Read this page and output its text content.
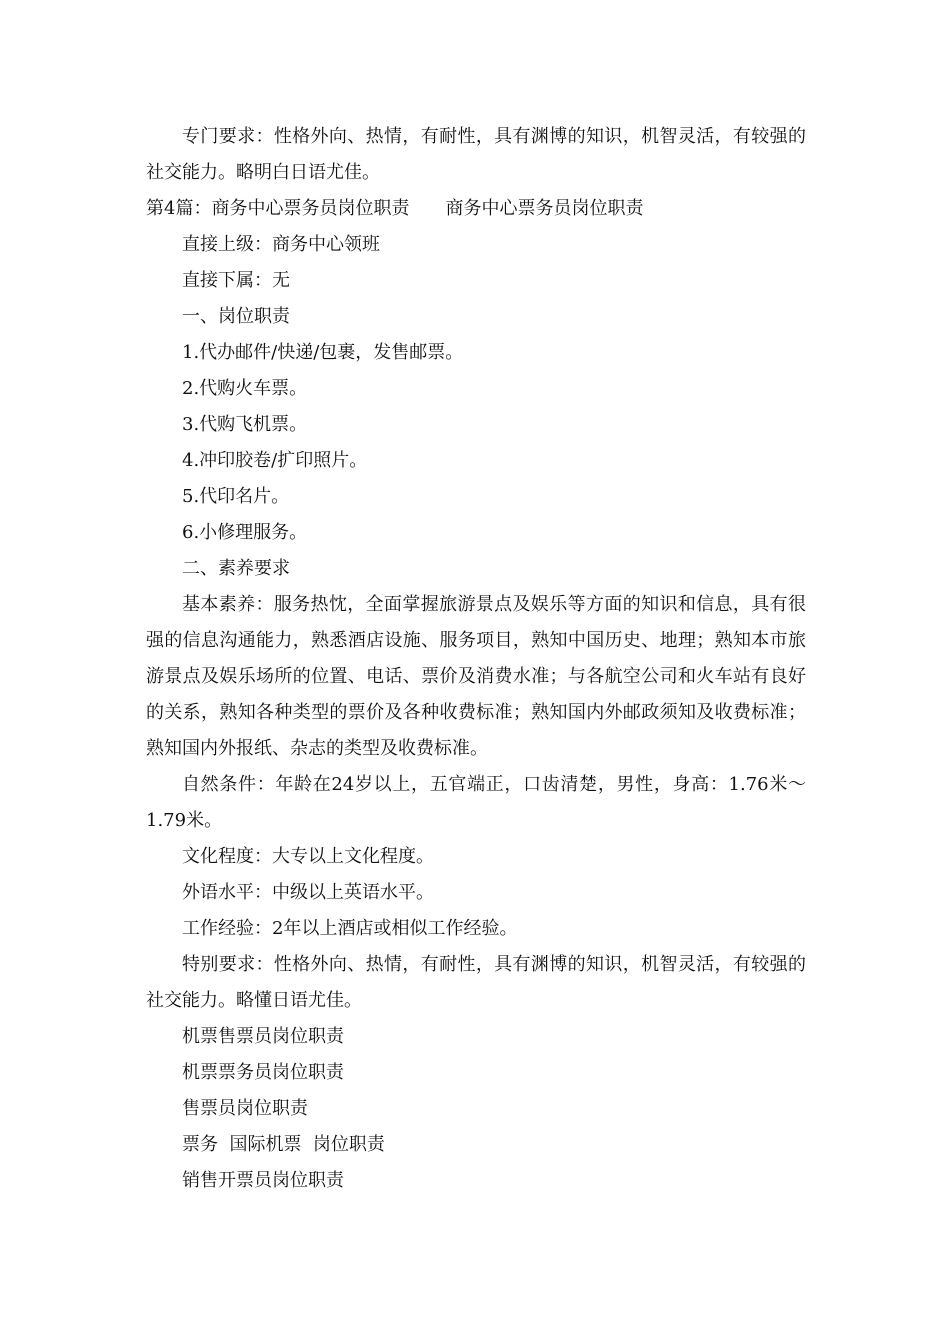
专门要求：性格外向、热情，有耐性，具有渊博的知识，机智灵活，有较强的社交能力。略明白日语尤佳。

第4篇：商务中心票务员岗位职责 商务中心票务员岗位职责

直接上级：商务中心领班

直接下属：无

一、岗位职责

1.代办邮件/快递/包裹，发售邮票。

2.代购火车票。

3.代购飞机票。

4.冲印胶卷/扩印照片。

5.代印名片。

6.小修理服务。

二、素养要求

基本素养：服务热忱，全面掌握旅游景点及娱乐等方面的知识和信息，具有很强的信息沟通能力，熟悉酒店设施、服务项目，熟知中国历史、地理；熟知本市旅游景点及娱乐场所的位置、电话、票价及消费水准；与各航空公司和火车站有良好的关系，熟知各种类型的票价及各种收费标准；熟知国内外邮政须知及收费标准；熟知国内外报纸、杂志的类型及收费标准。

自然条件：年龄在24岁以上，五官端正，口齿清楚，男性，身高：1.76米～1.79米。

文化程度：大专以上文化程度。

外语水平：中级以上英语水平。

工作经验：2年以上酒店或相似工作经验。

特别要求：性格外向、热情，有耐性，具有渊博的知识，机智灵活，有较强的社交能力。略懂日语尤佳。

机票售票员岗位职责

机票票务员岗位职责

售票员岗位职责

票务  国际机票  岗位职责

销售开票员岗位职责
